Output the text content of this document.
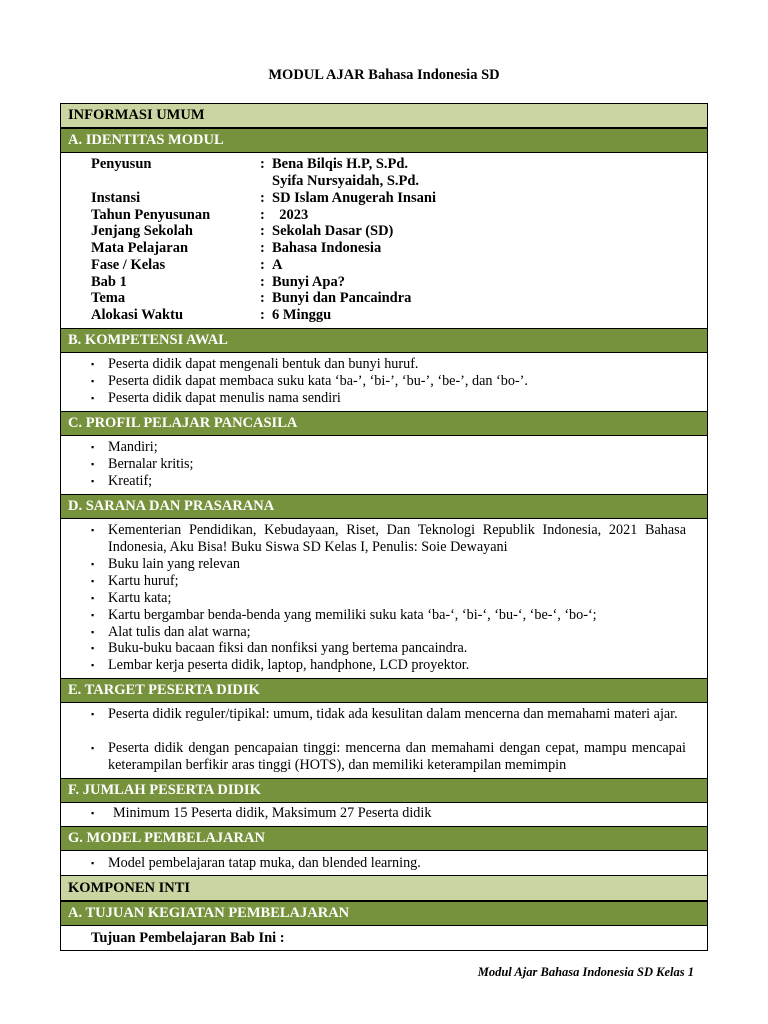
MODUL AJAR Bahasa Indonesia SD
INFORMASI UMUM
A. IDENTITAS MODUL
Penyusun	: Bena Bilqis H.P, S.Pd.
Syifa Nursyaidah, S.Pd.
Instansi	: SD Islam Anugerah Insani
Tahun Penyusunan	: 2023
Jenjang Sekolah	: Sekolah Dasar (SD)
Mata Pelajaran	: Bahasa Indonesia
Fase / Kelas	: A
Bab 1	: Bunyi Apa?
Tema	: Bunyi dan Pancaindra
Alokasi Waktu	: 6 Minggu
B. KOMPETENSI AWAL
▪ Peserta didik dapat mengenali bentuk dan bunyi huruf.
▪ Peserta didik dapat membaca suku kata ‘ba-’, ‘bi-’, ‘bu-’, ‘be-’, dan ‘bo-’.
▪ Peserta didik dapat menulis nama sendiri
C. PROFIL PELAJAR PANCASILA
▪ Mandiri;
▪ Bernalar kritis;
▪ Kreatif;
D. SARANA DAN PRASARANA
▪ Kementerian Pendidikan, Kebudayaan, Riset, Dan Teknologi Republik Indonesia, 2021 Bahasa Indonesia, Aku Bisa! Buku Siswa SD Kelas I, Penulis: Soie Dewayani
▪ Buku lain yang relevan
▪ Kartu huruf;
▪ Kartu kata;
▪ Kartu bergambar benda-benda yang memiliki suku kata ‘ba-‘, ‘bi-‘, ‘bu-‘, ‘be-‘, ‘bo-‘;
▪ Alat tulis dan alat warna;
▪ Buku-buku bacaan fiksi dan nonfiksi yang bertema pancaindra.
▪ Lembar kerja peserta didik, laptop, handphone, LCD proyektor.
E. TARGET PESERTA DIDIK
▪ Peserta didik reguler/tipikal: umum, tidak ada kesulitan dalam mencerna dan memahami materi ajar.
▪ Peserta didik dengan pencapaian tinggi: mencerna dan memahami dengan cepat, mampu mencapai keterampilan berfikir aras tinggi (HOTS), dan memiliki keterampilan memimpin
F. JUMLAH PESERTA DIDIK
▪ Minimum 15 Peserta didik, Maksimum 27 Peserta didik
G. MODEL PEMBELAJARAN
▪ Model pembelajaran tatap muka, dan blended learning.
KOMPONEN INTI
A. TUJUAN KEGIATAN PEMBELAJARAN
Tujuan Pembelajaran Bab Ini :
Modul Ajar Bahasa Indonesia SD Kelas 1
